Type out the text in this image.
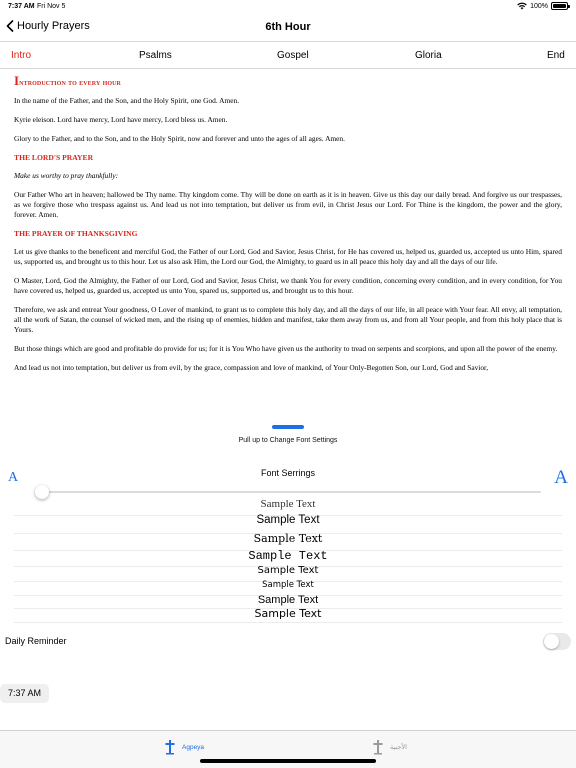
7:37 AM Fri Nov 5	100%
Hourly Prayers	6th Hour
Intro	Psalms	Gospel	Gloria	End
Introduction to every hour

In the name of the Father, and the Son, and the Holy Spirit, one God. Amen.

Kyrie eleison. Lord have mercy, Lord have mercy, Lord bless us. Amen.

Glory to the Father, and to the Son, and to the Holy Spirit, now and forever and unto the ages of all ages. Amen.

THE LORD'S PRAYER

Make us worthy to pray thankfully:

Our Father Who art in heaven; hallowed be Thy name. Thy kingdom come. Thy will be done on earth as it is in heaven. Give us this day our daily bread. And forgive us our trespasses, as we forgive those who trespass against us. And lead us not into temptation, but deliver us from evil, in Christ Jesus our Lord. For Thine is the kingdom, the power and the glory, forever. Amen.

THE PRAYER OF THANKSGIVING

Let us give thanks to the beneficent and merciful God, the Father of our Lord, God and Savior, Jesus Christ, for He has covered us, helped us, guarded us, accepted us unto Him, spared us, supported us, and brought us to this hour. Let us also ask Him, the Lord our God, the Almighty, to guard us in all peace this holy day and all the days of our life.

O Master, Lord, God the Almighty, the Father of our Lord, God and Savior, Jesus Christ, we thank You for every condition, concerning every condition, and in every condition, for You have covered us, helped us, guarded us, accepted us unto You, spared us, supported us, and brought us to this hour.

Therefore, we ask and entreat Your goodness, O Lover of mankind, to grant us to complete this holy day, and all the days of our life, in all peace with Your fear. All envy, all temptation, all the work of Satan, the counsel of wicked men, and the rising up of enemies, hidden and manifest, take them away from us, and from all Your people, and from this holy place that is Yours.

But those things which are good and profitable do provide for us; for it is You Who have given us the authority to tread on serpents and scorpions, and upon all the power of the enemy.

And lead us not into temptation, but deliver us from evil, by the grace, compassion and love of mankind, of Your Only-Begotten Son, our Lord, God and Savior,

Pull up to Change Font Settings
Font Serrings
A	A
Sample Text
Sample Text
Sample Text
Sample Text
Sample Text
Sample Text
Sample Text
Sample Text
Daily Reminder
7:37 AM
Agpeya	الأجبية
